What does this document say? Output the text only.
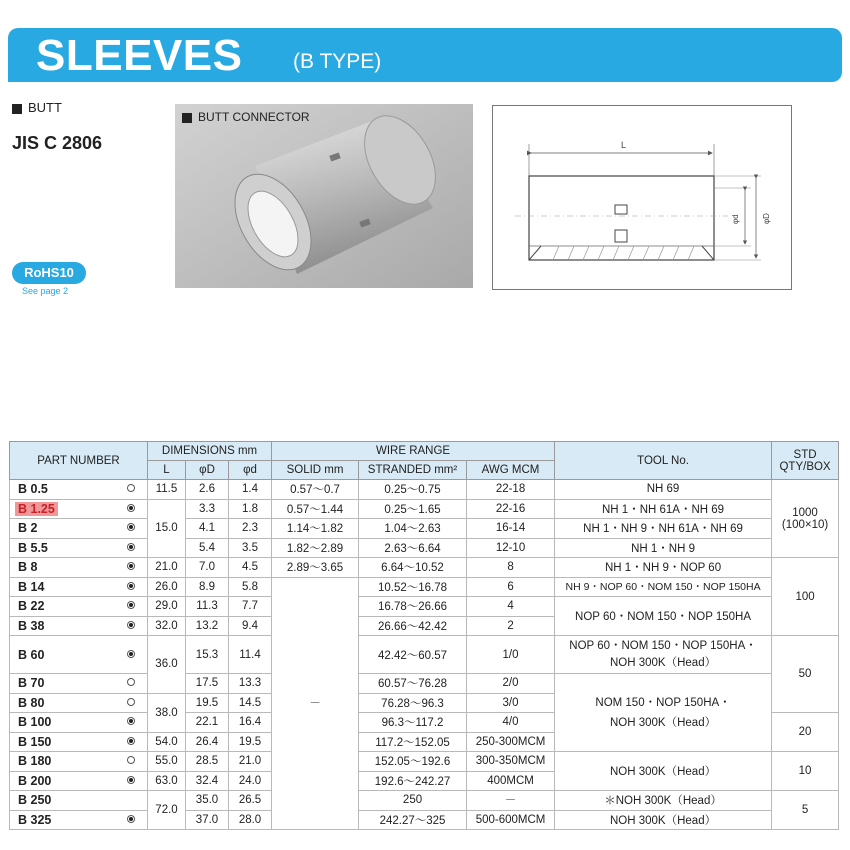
SLEEVES (B TYPE)
BUTT
JIS C 2806
RoHS10
See page 2
BUTT CONNECTOR
L
φd	φD
PART NUMBER	DIMENSIONS mm			WIRE RANGE			TOOL No.	STD QTY/BOX
	L	φD	φd	SOLID mm	STRANDED mm²	AWG MCM		
B 0.5	11.5	2.6	1.4	0.57～0.7	0.25～0.75	22-18	NH 69	1000
(100×10)
B 1.25	15.0	3.3	1.8	0.57～1.44	0.25～1.65	22-16	NH 1・NH 61A・NH 69	
B 2		4.1	2.3	1.14～1.82	1.04～2.63	16-14	NH 1・NH 9・NH 61A・NH 69	
B 5.5		5.4	3.5	1.82～2.89	2.63～6.64	12-10	NH 1・NH 9	
B 8	21.0	7.0	4.5	2.89～3.65	6.64～10.52	8	NH 1・NH 9・NOP 60	100
B 14	26.0	8.9	5.8	－	10.52～16.78	6	NH 9・NOP 60・NOM 150・NOP 150HA	
B 22	29.0	11.3	7.7		16.78～26.66	4	NOP 60・NOM 150・NOP 150HA	
B 38	32.0	13.2	9.4		26.66～42.42	2		
B 60	36.0	15.3	11.4		42.42～60.57	1/0	NOP 60・NOM 150・NOP 150HA・
NOH 300K（Head）	50
B 70		17.5	13.3		60.57～76.28	2/0	NOM 150・NOP 150HA・
NOH 300K（Head）	
B 80	38.0	19.5	14.5		76.28～96.3	3/0		
B 100		22.1	16.4		96.3～117.2	4/0		20
B 150	54.0	26.4	19.5		117.2～152.05	250-300MCM		
B 180	55.0	28.5	21.0		152.05～192.6	300-350MCM	NOH 300K（Head）	10
B 200	63.0	32.4	24.0		192.6～242.27	400MCM		
B 250	72.0	35.0	26.5		250	－	＊NOH 300K（Head）	5
B 325		37.0	28.0		242.27～325	500-600MCM	NOH 300K（Head）	
